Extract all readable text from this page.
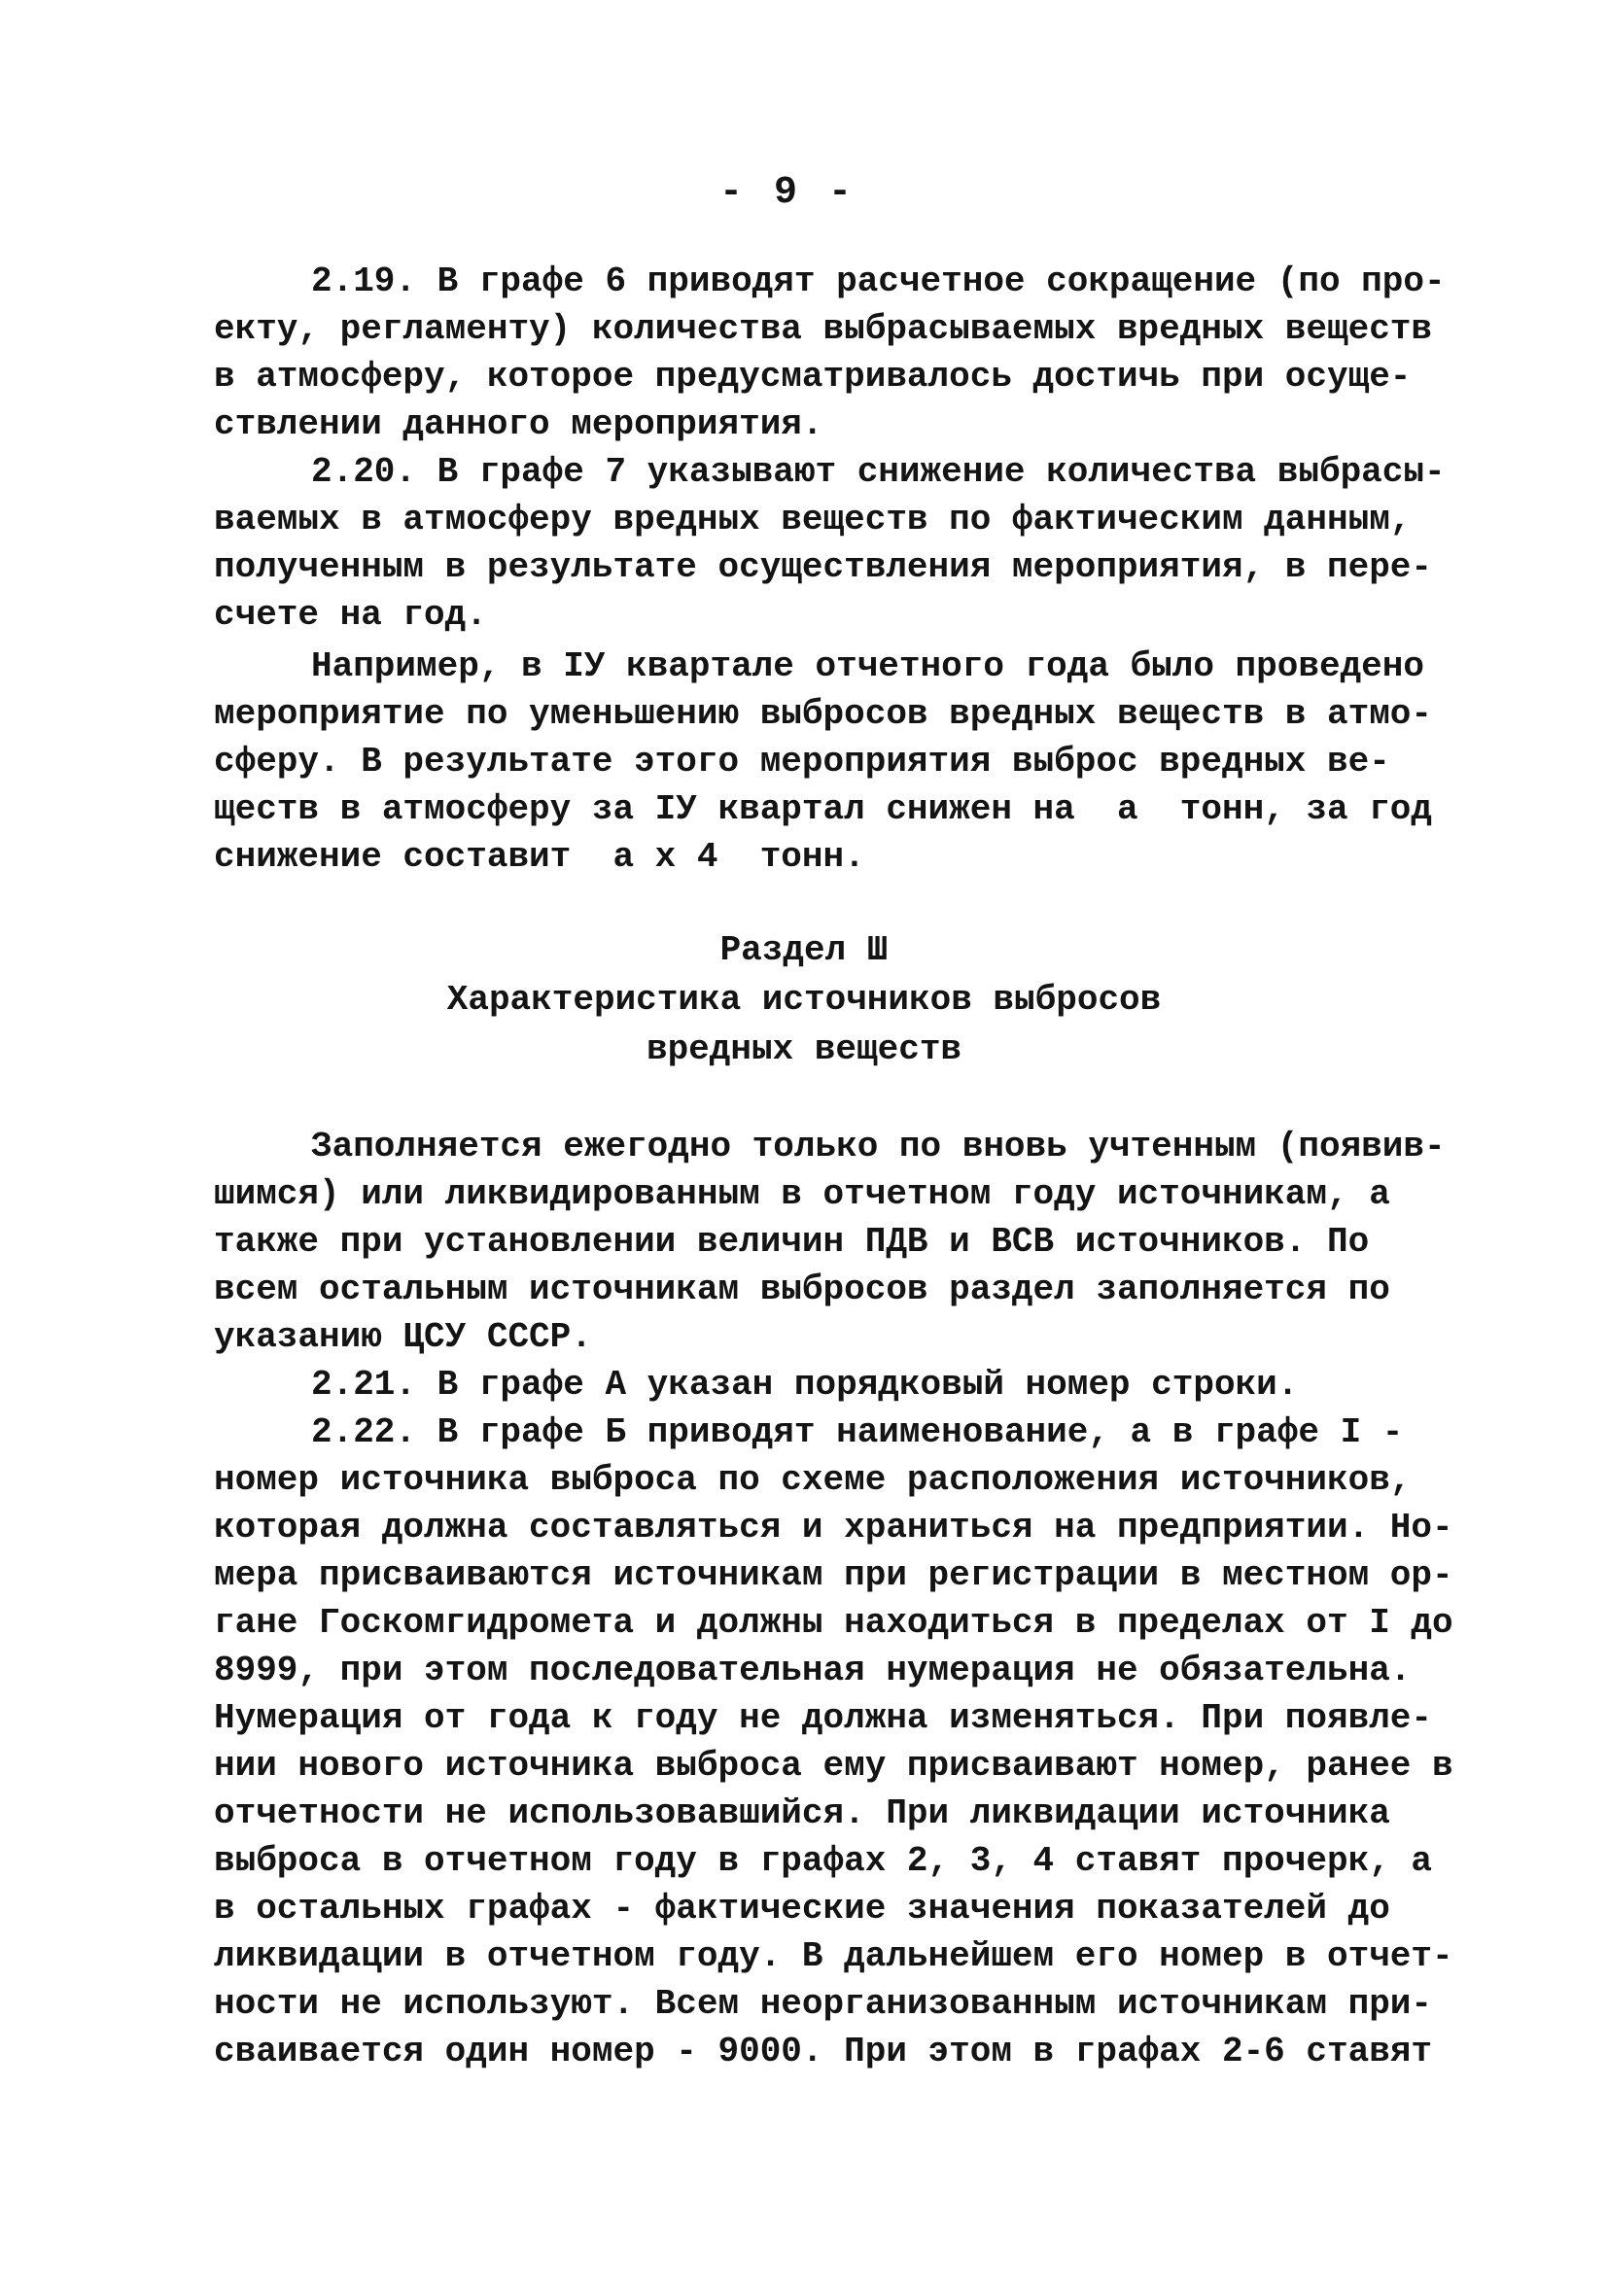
- 9 -
2.19. В графе 6 приводят расчетное сокращение (по про-
екту, регламенту) количества выбрасываемых вредных веществ
в атмосферу, которое предусматривалось достичь при осуще-
ствлении данного мероприятия.
2.20. В графе 7 указывают снижение количества выбрасы-
ваемых в атмосферу вредных веществ по фактическим данным,
полученным в результате осуществления мероприятия, в пере-
счете на год.
Например, в IУ квартале отчетного года было проведено
мероприятие по уменьшению выбросов вредных веществ в атмо-
сферу. В результате этого мероприятия выброс вредных ве-
ществ в атмосферу за IУ квартал снижен на  а  тонн, за год
снижение составит  а х 4  тонн.
Раздел Ш
Характеристика источников выбросов
вредных веществ
Заполняется ежегодно только по вновь учтенным (появив-
шимся) или ликвидированным в отчетном году источникам, а
также при установлении величин ПДВ и ВСВ источников. По
всем остальным источникам выбросов раздел заполняется по
указанию ЦСУ СССР.
2.21. В графе А указан порядковый номер строки.
2.22. В графе Б приводят наименование, а в графе I -
номер источника выброса по схеме расположения источников,
которая должна составляться и храниться на предприятии. Но-
мера присваиваются источникам при регистрации в местном ор-
гане Госкомгидромета и должны находиться в пределах от I до
8999, при этом последовательная нумерация не обязательна.
Нумерация от года к году не должна изменяться. При появле-
нии нового источника выброса ему присваивают номер, ранее в
отчетности не использовавшийся. При ликвидации источника
выброса в отчетном году в графах 2, 3, 4 ставят прочерк, а
в остальных графах - фактические значения показателей до
ликвидации в отчетном году. В дальнейшем его номер в отчет-
ности не используют. Всем неорганизованным источникам при-
сваивается один номер - 9000. При этом в графах 2-6 ставят
